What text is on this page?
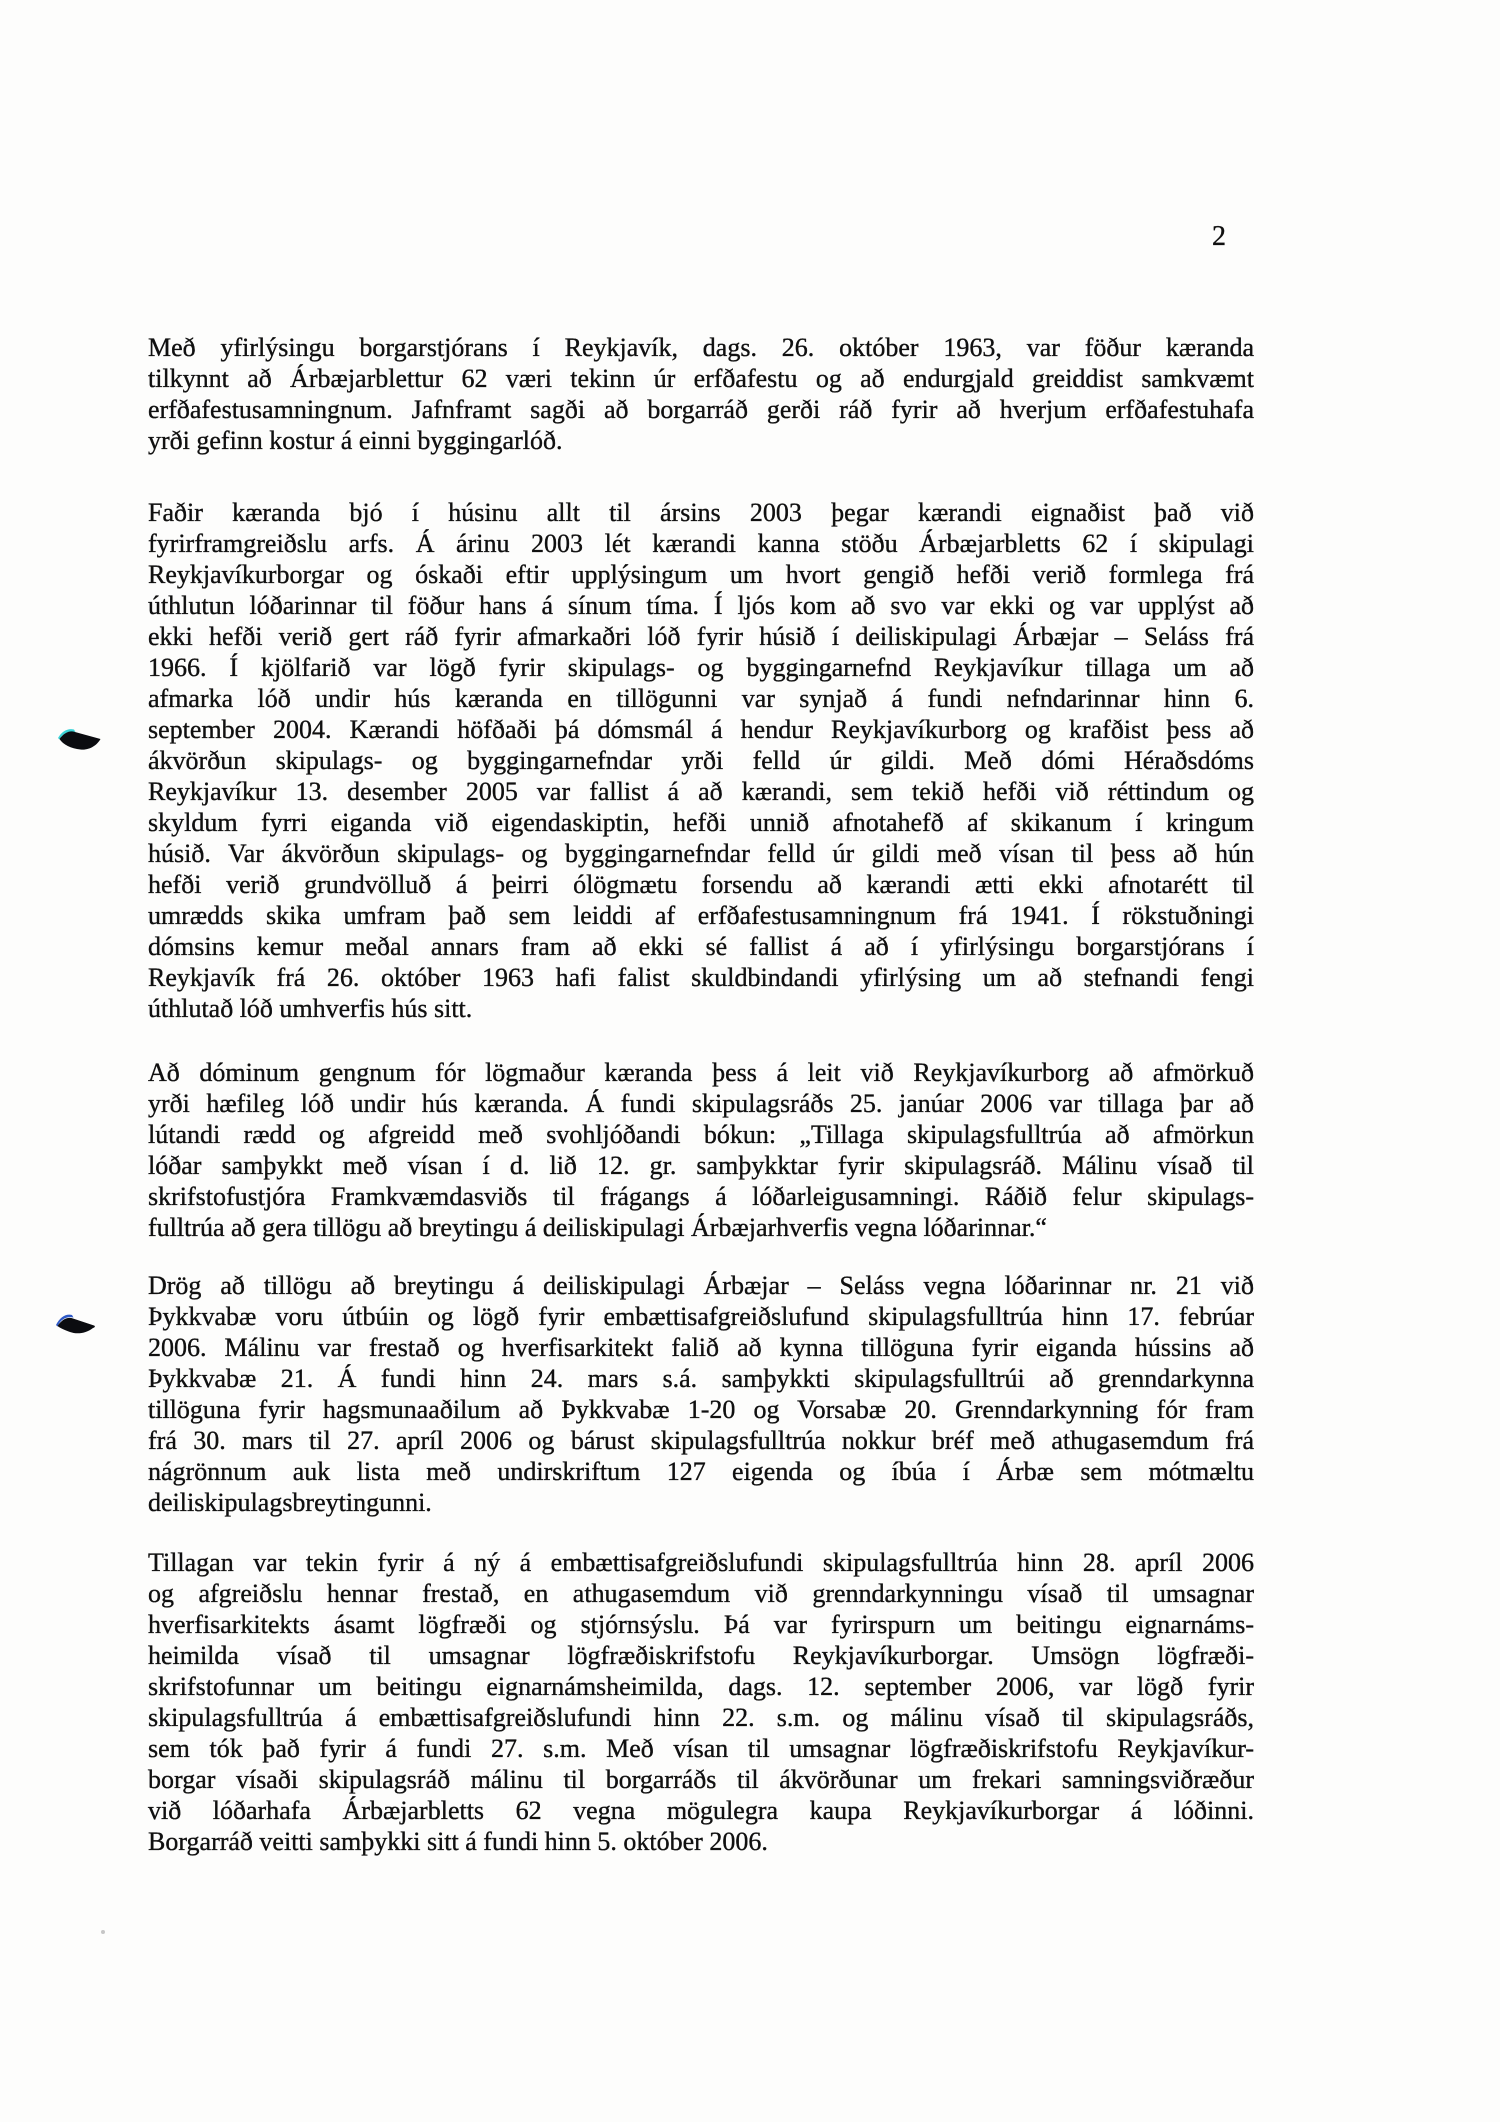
2

Með yfirlýsingu borgarstjórans í Reykjavík, dags. 26. október 1963, var föður kæranda
tilkynnt að Árbæjarblettur 62 væri tekinn úr erfðafestu og að endurgjald greiddist samkvæmt
erfðafestusamningnum. Jafnframt sagði að borgarráð gerði ráð fyrir að hverjum erfðafestuhafa
yrði gefinn kostur á einni byggingarlóð.

Faðir kæranda bjó í húsinu allt til ársins 2003 þegar kærandi eignaðist það við
fyrirframgreiðslu arfs. Á árinu 2003 lét kærandi kanna stöðu Árbæjarbletts 62 í skipulagi
Reykjavíkurborgar og óskaði eftir upplýsingum um hvort gengið hefði verið formlega frá
úthlutun lóðarinnar til föður hans á sínum tíma. Í ljós kom að svo var ekki og var upplýst að
ekki hefði verið gert ráð fyrir afmarkaðri lóð fyrir húsið í deiliskipulagi Árbæjar – Seláss frá
1966. Í kjölfarið var lögð fyrir skipulags- og byggingarnefnd Reykjavíkur tillaga um að
afmarka lóð undir hús kæranda en tillögunni var synjað á fundi nefndarinnar hinn 6.
september 2004. Kærandi höfðaði þá dómsmál á hendur Reykjavíkurborg og krafðist þess að
ákvörðun skipulags- og byggingarnefndar yrði felld úr gildi. Með dómi Héraðsdóms
Reykjavíkur 13. desember 2005 var fallist á að kærandi, sem tekið hefði við réttindum og
skyldum fyrri eiganda við eigendaskiptin, hefði unnið afnotahefð af skikanum í kringum
húsið. Var ákvörðun skipulags- og byggingarnefndar felld úr gildi með vísan til þess að hún
hefði verið grundvölluð á þeirri ólögmætu forsendu að kærandi ætti ekki afnotarétt til
umrædds skika umfram það sem leiddi af erfðafestusamningnum frá 1941. Í rökstuðningi
dómsins kemur meðal annars fram að ekki sé fallist á að í yfirlýsingu borgarstjórans í
Reykjavík frá 26. október 1963 hafi falist skuldbindandi yfirlýsing um að stefnandi fengi
úthlutað lóð umhverfis hús sitt.

Að dóminum gengnum fór lögmaður kæranda þess á leit við Reykjavíkurborg að afmörkuð
yrði hæfileg lóð undir hús kæranda. Á fundi skipulagsráðs 25. janúar 2006 var tillaga þar að
lútandi rædd og afgreidd með svohljóðandi bókun: „Tillaga skipulagsfulltrúa að afmörkun
lóðar samþykkt með vísan í d. lið 12. gr. samþykktar fyrir skipulagsráð. Málinu vísað til
skrifstofustjóra Framkvæmdasviðs til frágangs á lóðarleigusamningi. Ráðið felur skipulags-
fulltrúa að gera tillögu að breytingu á deiliskipulagi Árbæjarhverfis vegna lóðarinnar.“

Drög að tillögu að breytingu á deiliskipulagi Árbæjar – Seláss vegna lóðarinnar nr. 21 við
Þykkvabæ voru útbúin og lögð fyrir embættisafgreiðslufund skipulagsfulltrúa hinn 17. febrúar
2006. Málinu var frestað og hverfisarkitekt falið að kynna tillöguna fyrir eiganda hússins að
Þykkvabæ 21. Á fundi hinn 24. mars s.á. samþykkti skipulagsfulltrúi að grenndarkynna
tillöguna fyrir hagsmunaaðilum að Þykkvabæ 1-20 og Vorsabæ 20. Grenndarkynning fór fram
frá 30. mars til 27. apríl 2006 og bárust skipulagsfulltrúa nokkur bréf með athugasemdum frá
nágrönnum auk lista með undirskriftum 127 eigenda og íbúa í Árbæ sem mótmæltu
deiliskipulagsbreytingunni.

Tillagan var tekin fyrir á ný á embættisafgreiðslufundi skipulagsfulltrúa hinn 28. apríl 2006
og afgreiðslu hennar frestað, en athugasemdum við grenndarkynningu vísað til umsagnar
hverfisarkitekts ásamt lögfræði og stjórnsýslu. Þá var fyrirspurn um beitingu eignarnáms-
heimilda vísað til umsagnar lögfræðiskrifstofu Reykjavíkurborgar. Umsögn lögfræði-
skrifstofunnar um beitingu eignarnámsheimilda, dags. 12. september 2006, var lögð fyrir
skipulagsfulltrúa á embættisafgreiðslufundi hinn 22. s.m. og málinu vísað til skipulagsráðs,
sem tók það fyrir á fundi 27. s.m. Með vísan til umsagnar lögfræðiskrifstofu Reykjavíkur-
borgar vísaði skipulagsráð málinu til borgarráðs til ákvörðunar um frekari samningsviðræður
við lóðarhafa Árbæjarbletts 62 vegna mögulegra kaupa Reykjavíkurborgar á lóðinni.
Borgarráð veitti samþykki sitt á fundi hinn 5. október 2006.
